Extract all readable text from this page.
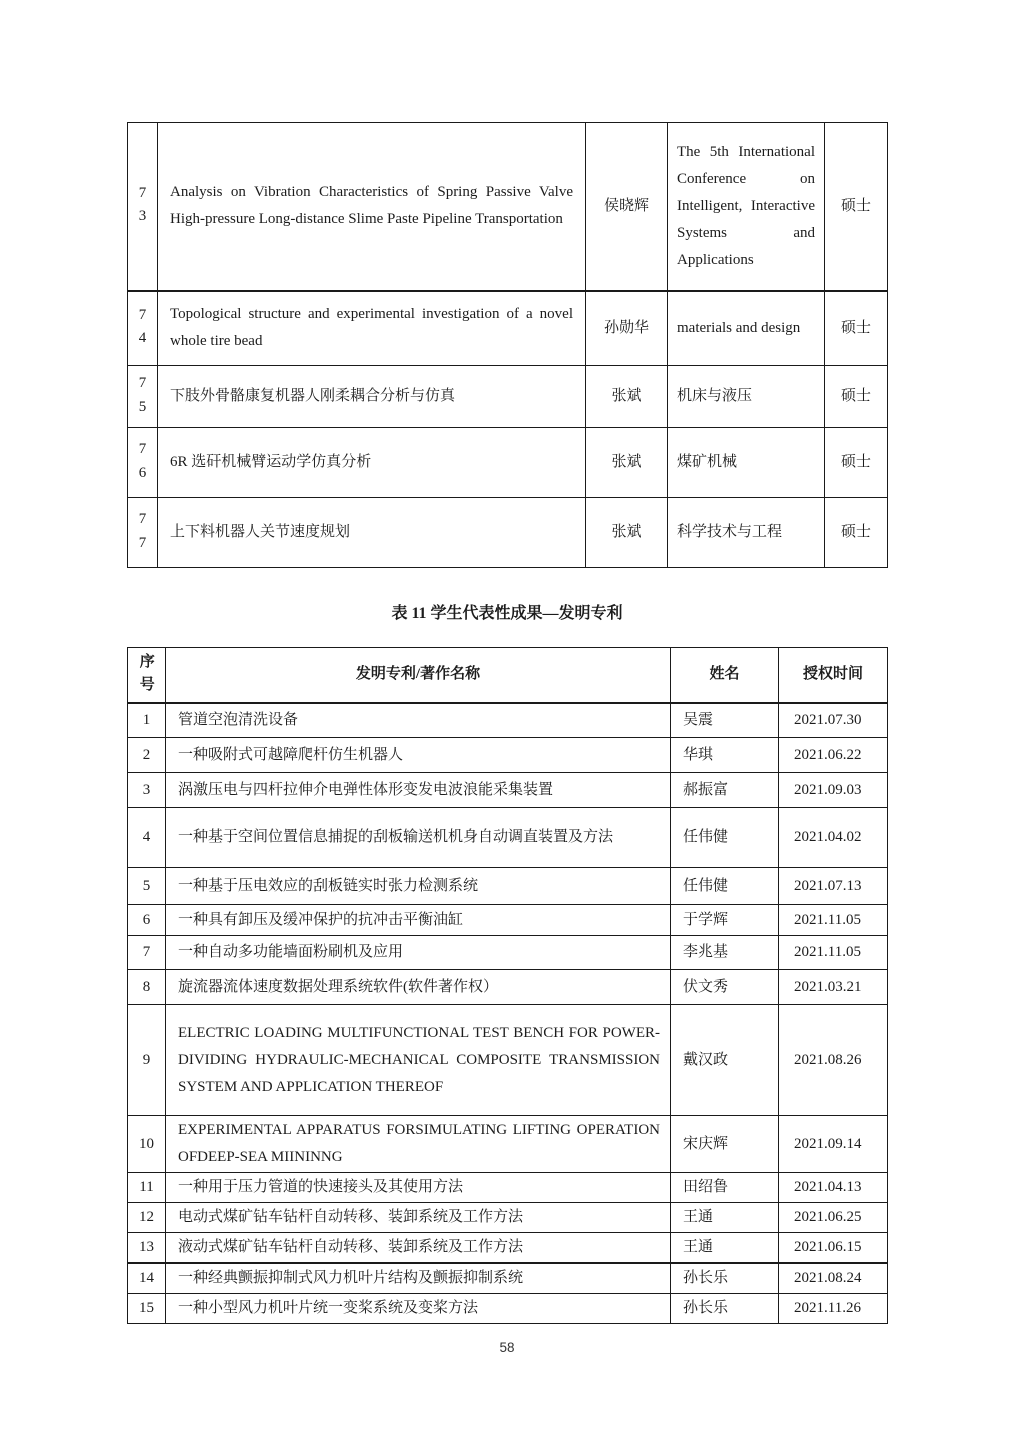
73	Analysis on Vibration Characteristics of Spring Passive Valve High-pressure Long-distance Slime Paste Pipeline Transportation	侯晓辉	The 5th International Conference on Intelligent, Interactive Systems and Applications	硕士
74	Topological structure and experimental investigation of a novel whole tire bead	孙勋华	materials and design	硕士
75	下肢外骨骼康复机器人刚柔耦合分析与仿真	张斌	机床与液压	硕士
76	6R 选矸机械臂运动学仿真分析	张斌	煤矿机械	硕士
77	上下料机器人关节速度规划	张斌	科学技术与工程	硕士
表 11 学生代表性成果—发明专利
序号	发明专利/著作名称	姓名	授权时间
1	管道空泡清洗设备	吴震	2021.07.30
2	一种吸附式可越障爬杆仿生机器人	华琪	2021.06.22
3	涡激压电与四杆拉伸介电弹性体形变发电波浪能采集装置	郝振富	2021.09.03
4	一种基于空间位置信息捕捉的刮板输送机机身自动调直装置及方法	任伟健	2021.04.02
5	一种基于压电效应的刮板链实时张力检测系统	任伟健	2021.07.13
6	一种具有卸压及缓冲保护的抗冲击平衡油缸	于学辉	2021.11.05
7	一种自动多功能墙面粉刷机及应用	李兆基	2021.11.05
8	旋流器流体速度数据处理系统软件(软件著作权）	伏文秀	2021.03.21
9	ELECTRIC LOADING MULTIFUNCTIONAL TEST BENCH FOR POWER-DIVIDING HYDRAULIC-MECHANICAL COMPOSITE TRANSMISSION SYSTEM AND APPLICATION THEREOF	戴汉政	2021.08.26
10	EXPERIMENTAL APPARATUS FORSIMULATING LIFTING OPERATION OFDEEP-SEA MIININNG	宋庆辉	2021.09.14
11	一种用于压力管道的快速接头及其使用方法	田绍鲁	2021.04.13
12	电动式煤矿钻车钻杆自动转移、装卸系统及工作方法	王通	2021.06.25
13	液动式煤矿钻车钻杆自动转移、装卸系统及工作方法	王通	2021.06.15
14	一种经典颤振抑制式风力机叶片结构及颤振抑制系统	孙长乐	2021.08.24
15	一种小型风力机叶片统一变桨系统及变桨方法	孙长乐	2021.11.26
58
